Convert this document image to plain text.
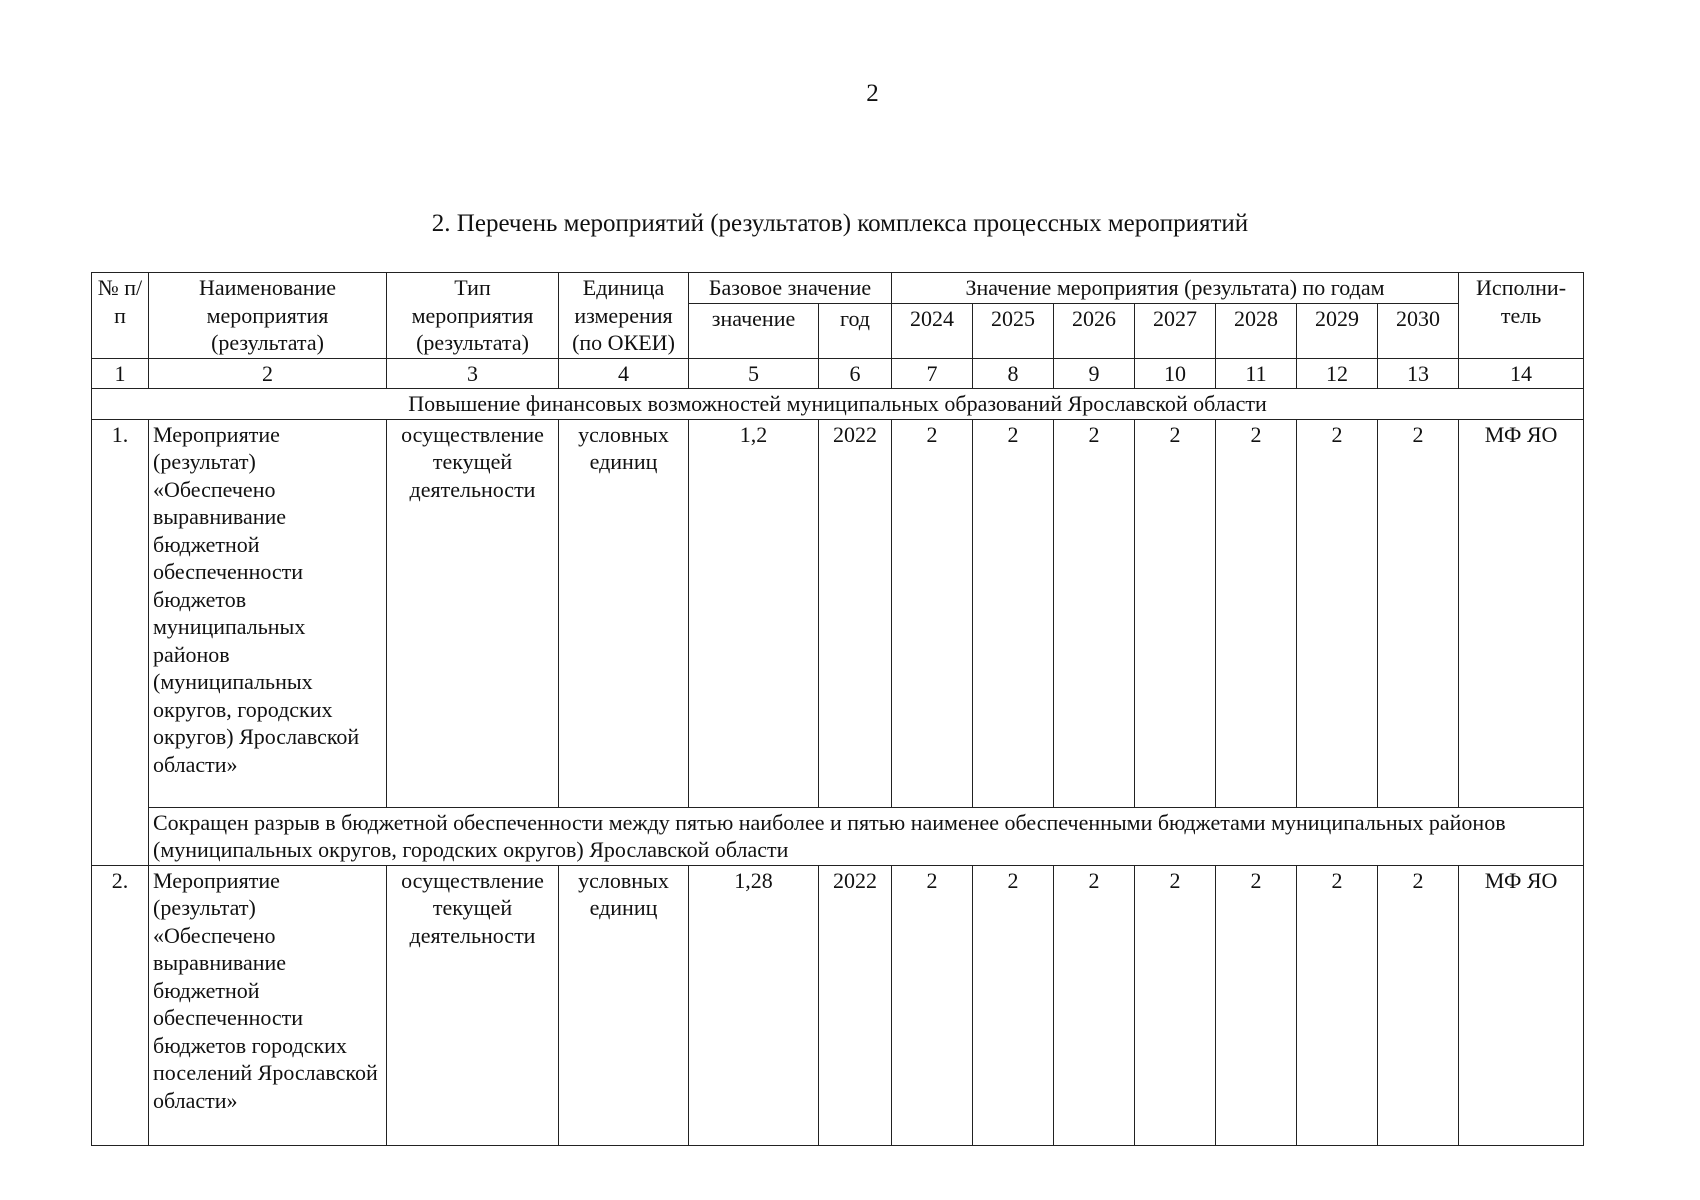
2
2. Перечень мероприятий (результатов) комплекса процессных мероприятий
№ п/п	Наименование мероприятия (результата)	Тип мероприятия (результата)	Единица измерения (по ОКЕИ)	Базовое значение		Значение мероприятия (результата) по годам							Исполни- тель
				значение	год	2024	2025	2026	2027	2028	2029	2030	
1	2	3	4	5	6	7	8	9	10	11	12	13	14
Повышение финансовых возможностей муниципальных образований Ярославской области													
1.	Мероприятие (результат) «Обеспечено выравнивание бюджетной обеспеченности бюджетов муниципальных районов (муниципальных округов, городских округов) Ярославской области»	осуществление текущей деятельности	условных единиц	1,2	2022	2	2	2	2	2	2	2	МФ ЯО
	Сокращен разрыв в бюджетной обеспеченности между пятью наиболее и пятью наименее обеспеченными бюджетами муниципальных районов (муниципальных округов, городских округов) Ярославской области												
2.	Мероприятие (результат) «Обеспечено выравнивание бюджетной обеспеченности бюджетов городских поселений Ярославской области»	осуществление текущей деятельности	условных единиц	1,28	2022	2	2	2	2	2	2	2	МФ ЯО
